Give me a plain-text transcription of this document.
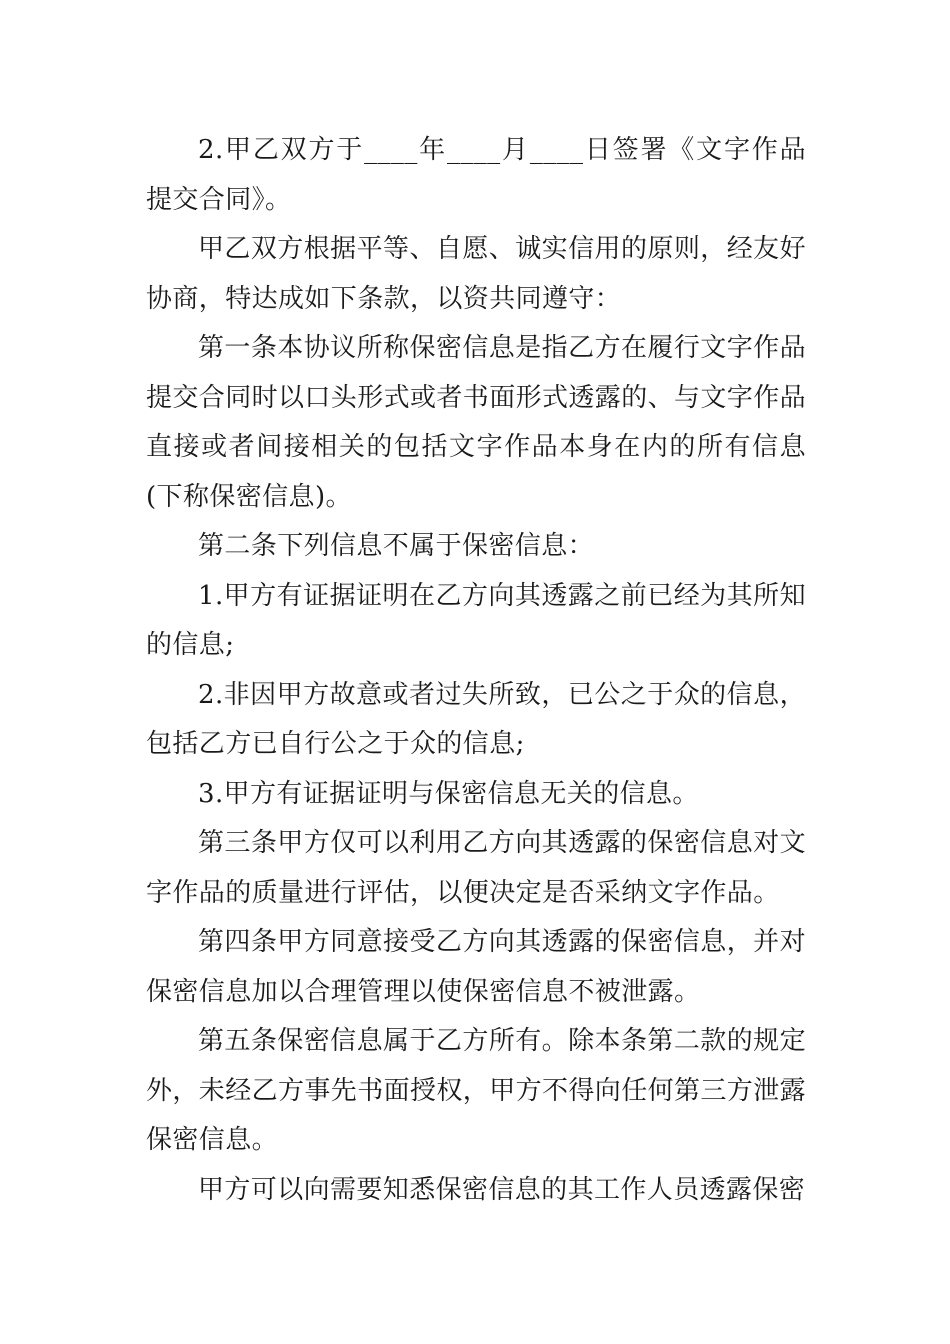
2.甲乙双方于____年____月____日签署《文字作品提交合同》。

甲乙双方根据平等、自愿、诚实信用的原则，经友好协商，特达成如下条款，以资共同遵守：

第一条本协议所称保密信息是指乙方在履行文字作品提交合同时以口头形式或者书面形式透露的、与文字作品直接或者间接相关的包括文字作品本身在内的所有信息(下称保密信息)。

第二条下列信息不属于保密信息：

1.甲方有证据证明在乙方向其透露之前已经为其所知的信息;

2.非因甲方故意或者过失所致，已公之于众的信息，包括乙方已自行公之于众的信息;

3.甲方有证据证明与保密信息无关的信息。

第三条甲方仅可以利用乙方向其透露的保密信息对文字作品的质量进行评估，以便决定是否采纳文字作品。

第四条甲方同意接受乙方向其透露的保密信息，并对保密信息加以合理管理以使保密信息不被泄露。

第五条保密信息属于乙方所有。除本条第二款的规定外，未经乙方事先书面授权，甲方不得向任何第三方泄露保密信息。

甲方可以向需要知悉保密信息的其工作人员透露保密
